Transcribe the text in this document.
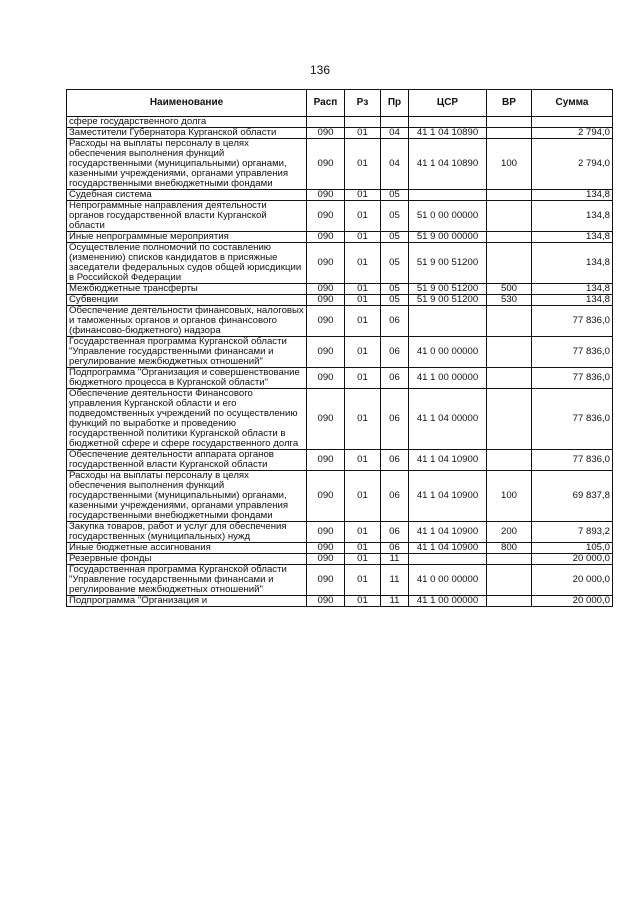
136
Наименование	Расп	Рз	Пр	ЦСР	ВР	Сумма
сфере государственного долга						
Заместители Губернатора Курганской области	090	01	04	41 1 04 10890		2 794,0
Расходы на выплаты персоналу в целях обеспечения выполнения функций государственными (муниципальными) органами, казенными учреждениями, органами управления государственными внебюджетными фондами	090	01	04	41 1 04 10890	100	2 794,0
Судебная система	090	01	05			134,8
Непрограммные направления деятельности органов государственной власти Курганской области	090	01	05	51 0 00 00000		134,8
Иные непрограммные мероприятия	090	01	05	51 9 00 00000		134,8
Осуществление полномочий по составлению (изменению) списков кандидатов в присяжные заседатели федеральных судов общей юрисдикции в Российской Федерации	090	01	05	51 9 00 51200		134,8
Межбюджетные трансферты	090	01	05	51 9 00 51200	500	134,8
Субвенции	090	01	05	51 9 00 51200	530	134,8
Обеспечение деятельности финансовых, налоговых и таможенных органов и органов финансового (финансово-бюджетного) надзора	090	01	06			77 836,0
Государственная программа Курганской области "Управление государственными финансами и регулирование межбюджетных отношений"	090	01	06	41 0 00 00000		77 836,0
Подпрограмма "Организация и совершенствование бюджетного процесса в Курганской области"	090	01	06	41 1 00 00000		77 836,0
Обеспечение деятельности Финансового управления Курганской области и его подведомственных учреждений по осуществлению функций по выработке и проведению государственной политики Курганской области в бюджетной сфере и сфере государственного долга	090	01	06	41 1 04 00000		77 836,0
Обеспечение деятельности аппарата органов государственной власти Курганской области	090	01	06	41 1 04 10900		77 836,0
Расходы на выплаты персоналу в целях обеспечения выполнения функций государственными (муниципальными) органами, казенными учреждениями, органами управления государственными внебюджетными фондами	090	01	06	41 1 04 10900	100	69 837,8
Закупка товаров, работ и услуг для обеспечения государственных (муниципальных) нужд	090	01	06	41 1 04 10900	200	7 893,2
Иные бюджетные ассигнования	090	01	06	41 1 04 10900	800	105,0
Резервные фонды	090	01	11			20 000,0
Государственная программа Курганской области "Управление государственными финансами и регулирование межбюджетных отношений"	090	01	11	41 0 00 00000		20 000,0
Подпрограмма "Организация и	090	01	11	41 1 00 00000		20 000,0
